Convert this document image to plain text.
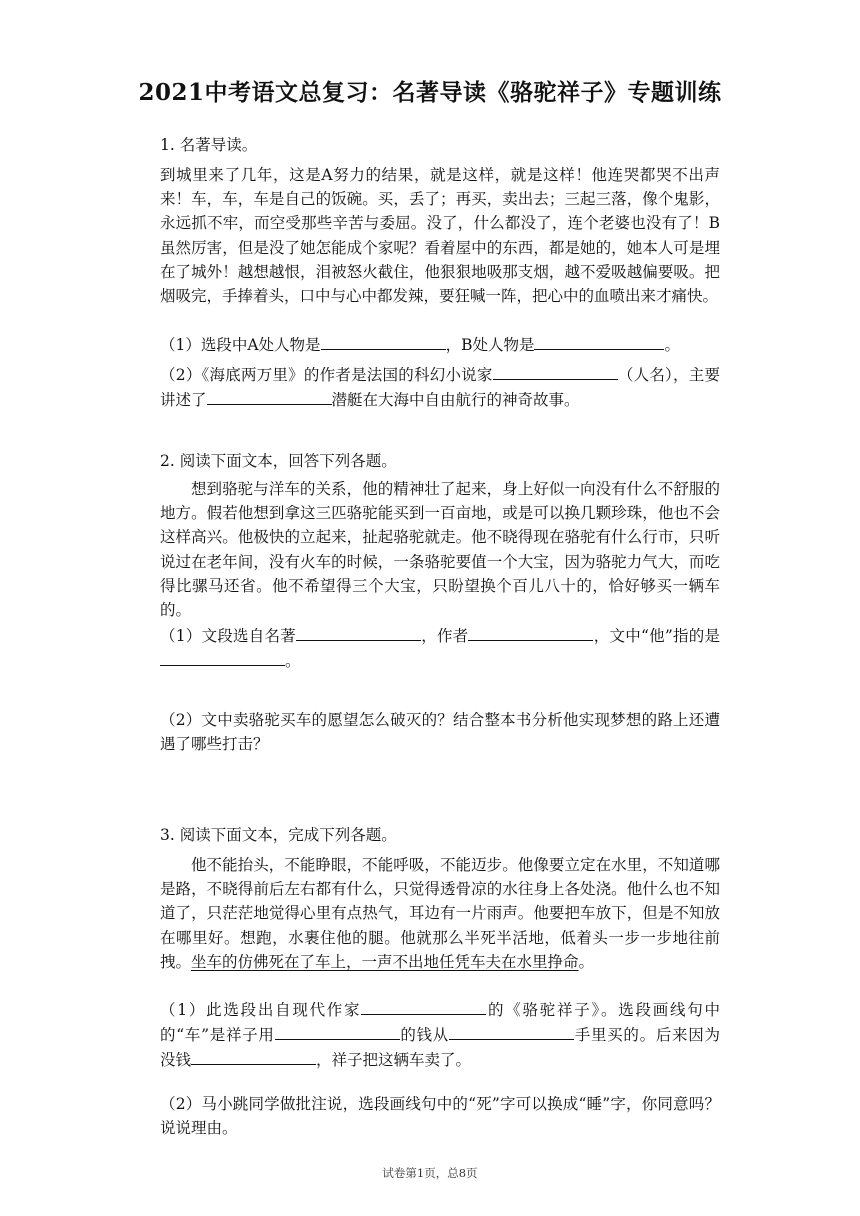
2021中考语文总复习：名著导读《骆驼祥子》专题训练
1. 名著导读。
到城里来了几年，这是A努力的结果，就是这样，就是这样！他连哭都哭不出声来！车，车，车是自己的饭碗。买，丢了；再买，卖出去；三起三落，像个鬼影，永远抓不牢，而空受那些辛苦与委屈。没了，什么都没了，连个老婆也没有了！B虽然厉害，但是没了她怎能成个家呢？看着屋中的东西，都是她的，她本人可是埋在了城外！越想越恨，泪被怒火截住，他狠狠地吸那支烟，越不爱吸越偏要吸。把烟吸完，手捧着头，口中与心中都发辣，要狂喊一阵，把心中的血喷出来才痛快。
（1）选段中A处人物是	，B处人物是	。
（2）《海底两万里》的作者是法国的科幻小说家	（人名），主要讲述了	潜艇在大海中自由航行的神奇故事。
2. 阅读下面文本，回答下列各题。
想到骆驼与洋车的关系，他的精神壮了起来，身上好似一向没有什么不舒服的地方。假若他想到拿这三匹骆驼能买到一百亩地，或是可以换几颗珍珠，他也不会这样高兴。他极快的立起来，扯起骆驼就走。他不晓得现在骆驼有什么行市，只听说过在老年间，没有火车的时候，一条骆驼要值一个大宝，因为骆驼力气大，而吃得比骡马还省。他不希望得三个大宝，只盼望换个百儿八十的，恰好够买一辆车的。
（1）文段选自名著	，作者	，文中“他”指的是。
（2）文中卖骆驼买车的愿望怎么破灭的？结合整本书分析他实现梦想的路上还遭遇了哪些打击？
3. 阅读下面文本，完成下列各题。
他不能抬头，不能睁眼，不能呼吸，不能迈步。他像要立定在水里，不知道哪是路，不晓得前后左右都有什么，只觉得透骨凉的水往身上各处浇。他什么也不知道了，只茫茫地觉得心里有点热气，耳边有一片雨声。他要把车放下，但是不知放在哪里好。想跑，水裹住他的腿。他就那么半死半活地，低着头一步一步地往前拽。坐车的仿佛死在了车上，一声不出地任凭车夫在水里挣命。
（1）此选段出自现代作家	的《骆驼祥子》。选段画线句中的“车”是祥子用	的钱从	手里买的。后来因为没钱	，祥子把这辆车卖了。
（2）马小跳同学做批注说，选段画线句中的“死”字可以换成“睡”字，你同意吗？说说理由。
试卷第1页，总8页
